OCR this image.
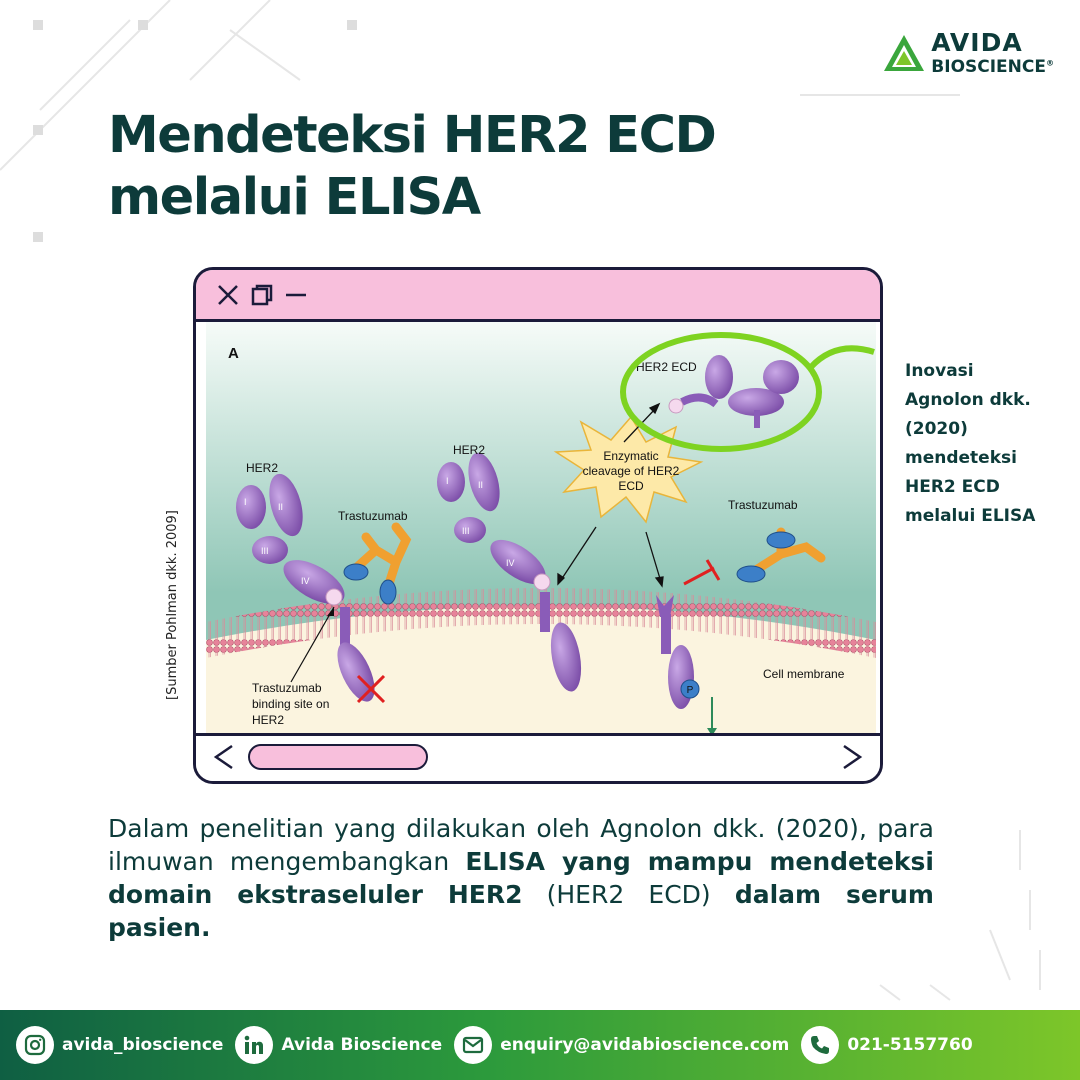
AVIDA
BIOSCIENCE®
Mendeteksi HER2 ECD
melalui ELISA
[Sumber Pohlman dkk. 2009]
A
HER2
I	II
III
IV
Trastuzumab
Trastuzumab
binding site on
HER2
HER2
I	II
III
IV
Enzymatic
cleavage of HER2
ECD
HER2 ECD
P
Trastuzumab
Cell membrane

Inovasi
Agnolon dkk.
(2020)
mendeteksi
HER2 ECD
melalui ELISA

Dalam penelitian yang dilakukan oleh Agnolon dkk. (2020), para ilmuwan mengembangkan ELISA yang mampu mendeteksi domain ekstraseluler HER2 (HER2 ECD) dalam serum pasien.

avida_bioscience	Avida Bioscience	enquiry@avidabioscience.com	021-5157760
